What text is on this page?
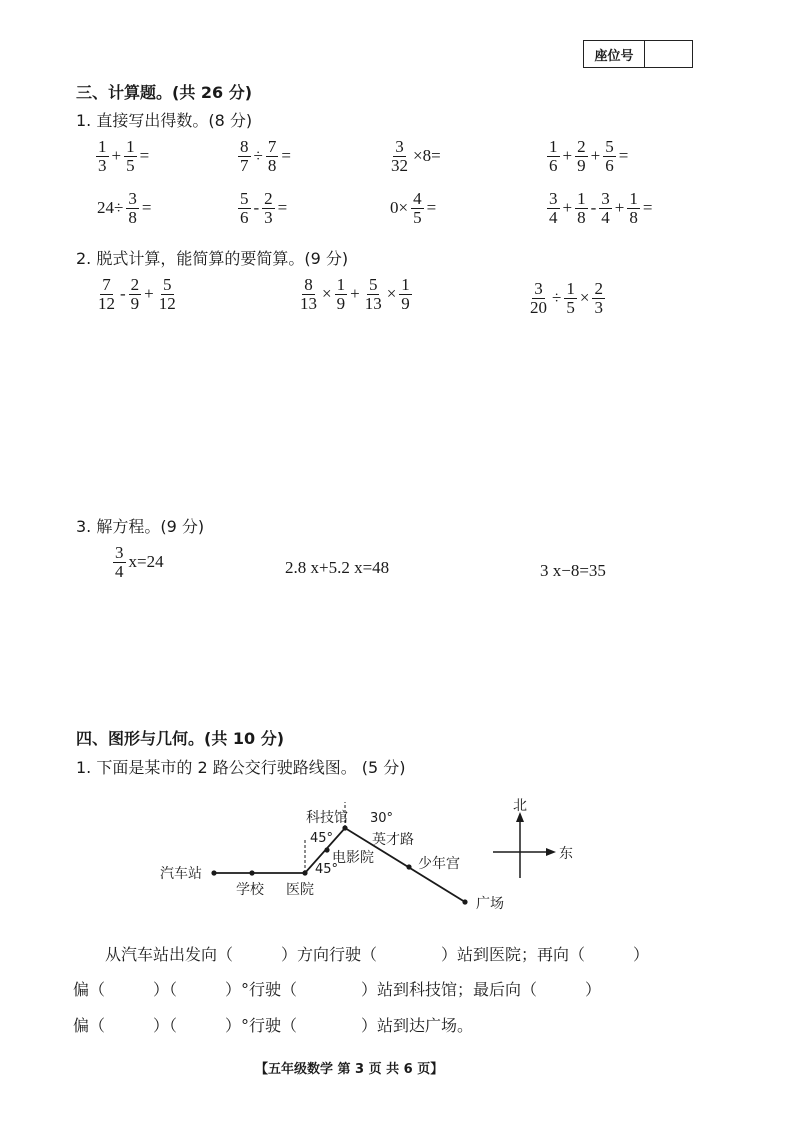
座位号
三、计算题。(共 26 分)
1. 直接写出得数。(8 分)
$\frac{1}{3} + \frac{1}{5}$ =	$\frac{8}{7} \div \frac{7}{8}$ =	$\frac{3}{32} \times 8=$	$\frac{1}{6} + \frac{2}{9} + \frac{5}{6}$ =
$24\div \frac{3}{8}$ =	$\frac{5}{6} - \frac{2}{3}$ =	$0\times \frac{4}{5}$ =	$\frac{3}{4} + \frac{1}{8} - \frac{3}{4} + \frac{1}{8}$ =
2. 脱式计算，能简算的要简算。(9 分)
$\frac{7}{12} - \frac{2}{9} + \frac{5}{12}$	$\frac{8}{13} \times \frac{1}{9} + \frac{5}{13} \times \frac{1}{9}$	$\frac{3}{20} \div \frac{1}{5} \times \frac{2}{3}$
3. 解方程。(9 分)
$\frac{3}{4} x=24$	2.8 x+5.2 x=48	3 x−8=35
四、图形与几何。(共 10 分)
1. 下面是某市的 2 路公交行驶路线图。 (5 分)
汽车站
学校 医院
电影院
科技馆
英才路
少年宫
广场
30°
45°
45°
北
东
从汽车站出发向（　　　）方向行驶（　　　　）站到医院；再向（　　　）
偏（　　　）（　　　）°行驶（　　　　）站到科技馆；最后向（　　　）
偏（　　　）（　　　）°行驶（　　　　）站到达广场。
【五年级数学 第 3 页 共 6 页】
